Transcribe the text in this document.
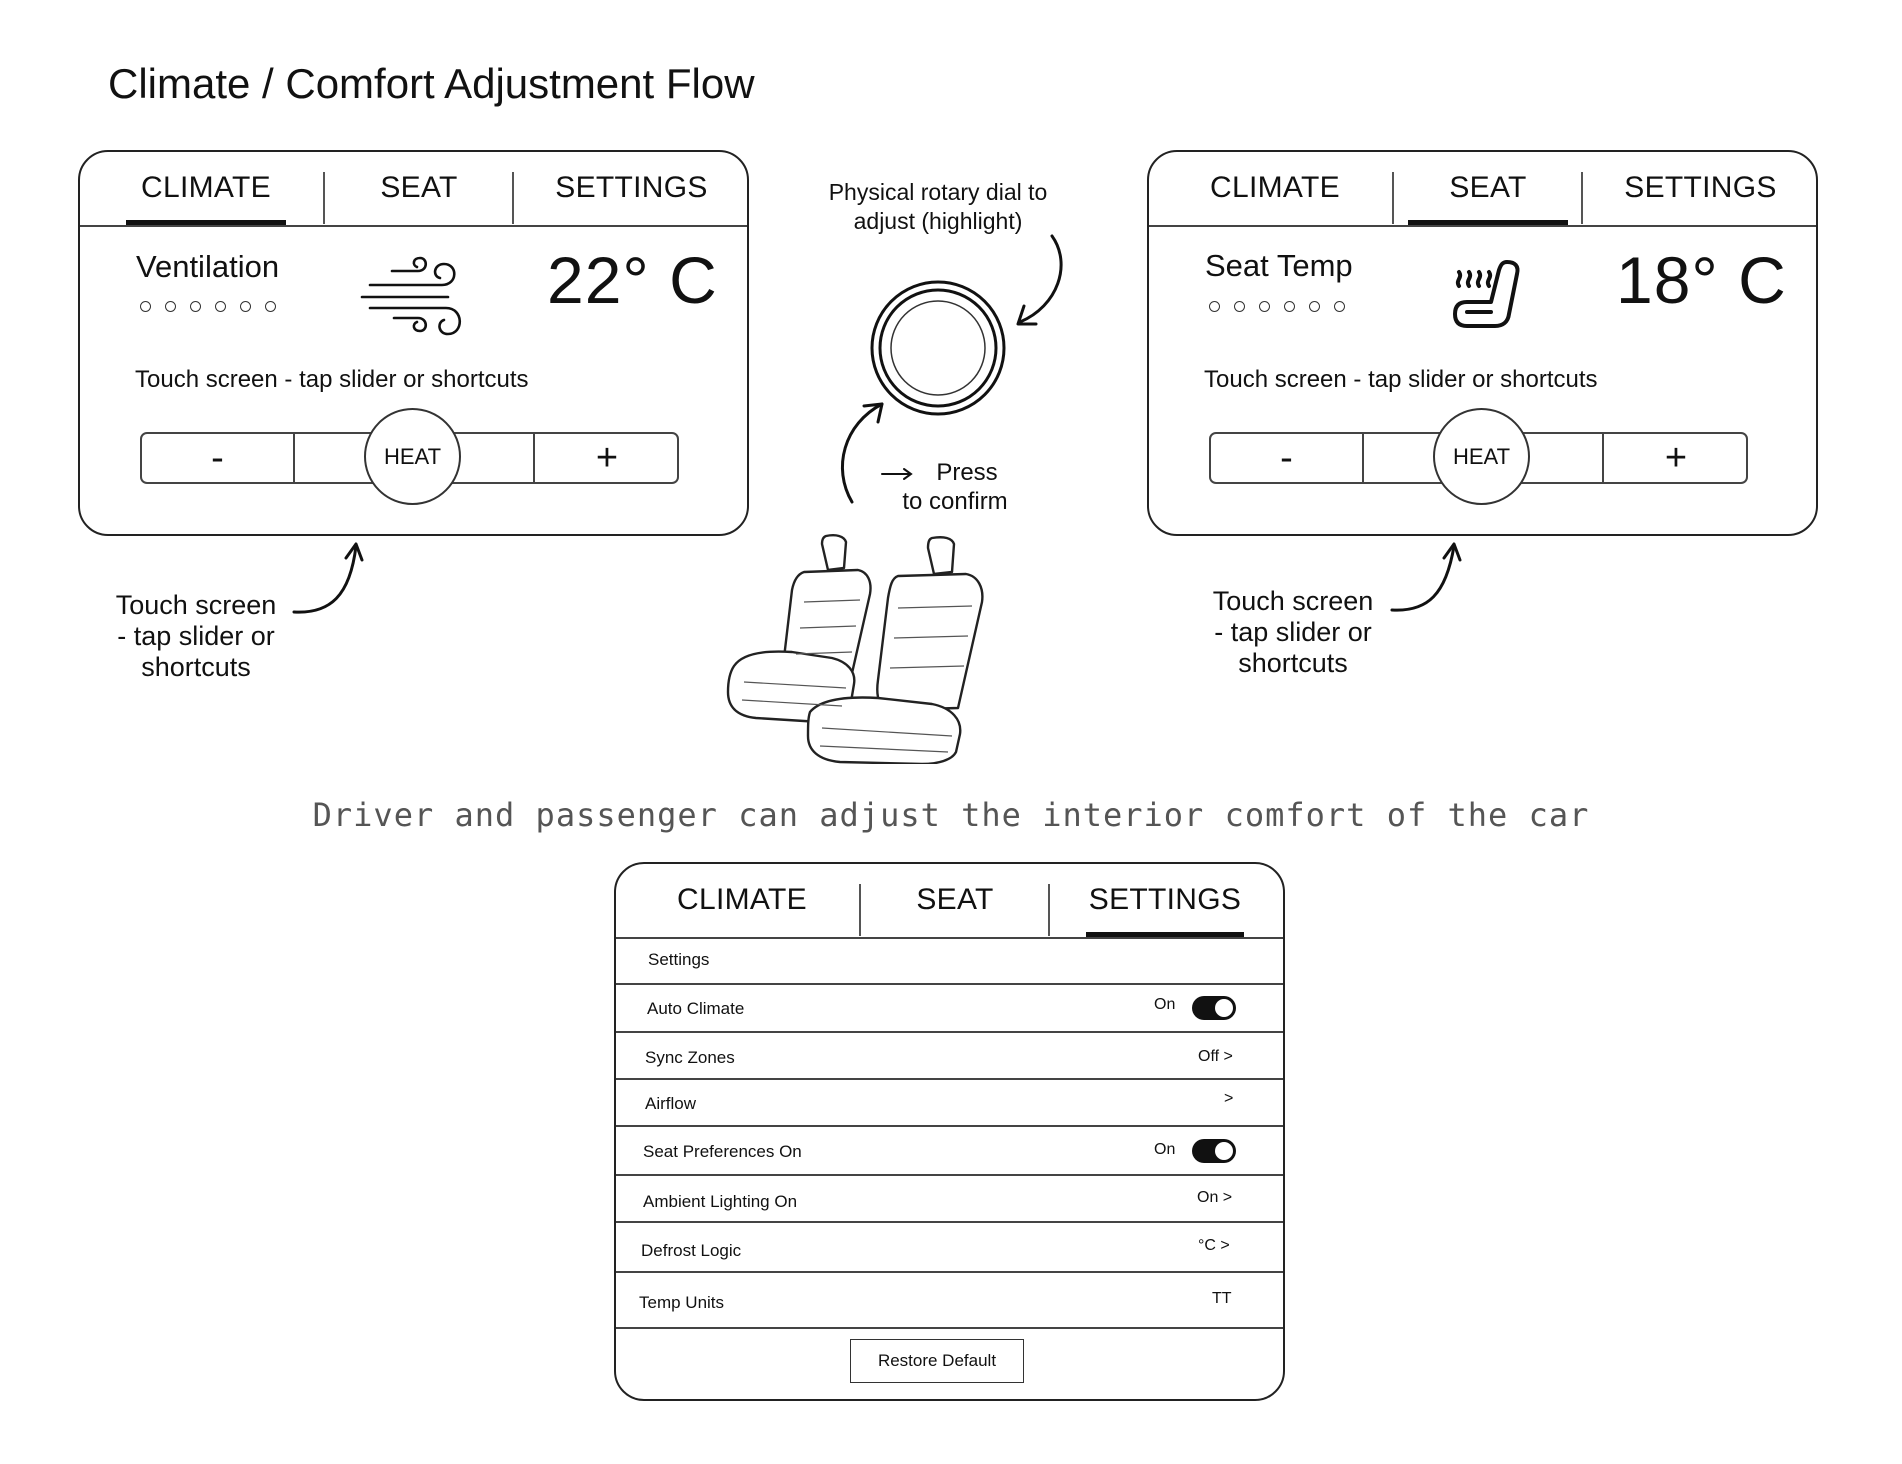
Climate / Comfort Adjustment Flow
CLIMATE	SEAT	SETTINGS
Ventilation	22° C
Touch screen - tap slider or shortcuts
-	+
HEAT
CLIMATE	SEAT	SETTINGS
Seat Temp	18° C
Touch screen - tap slider or shortcuts
-	+
HEAT
Touch screen
- tap slider or
shortcuts
Touch screen
- tap slider or
shortcuts
Physical rotary dial to
adjust (highlight)
Press
to confirm
Driver and passenger can adjust the interior comfort of the car
CLIMATE	SEAT	SETTINGS
Settings
Auto Climate	On
Sync Zones	Off >
Airflow	>
Seat Preferences On	On
Ambient Lighting On	On >
Defrost Logic	°C >
Temp Units	TT
Restore Default
